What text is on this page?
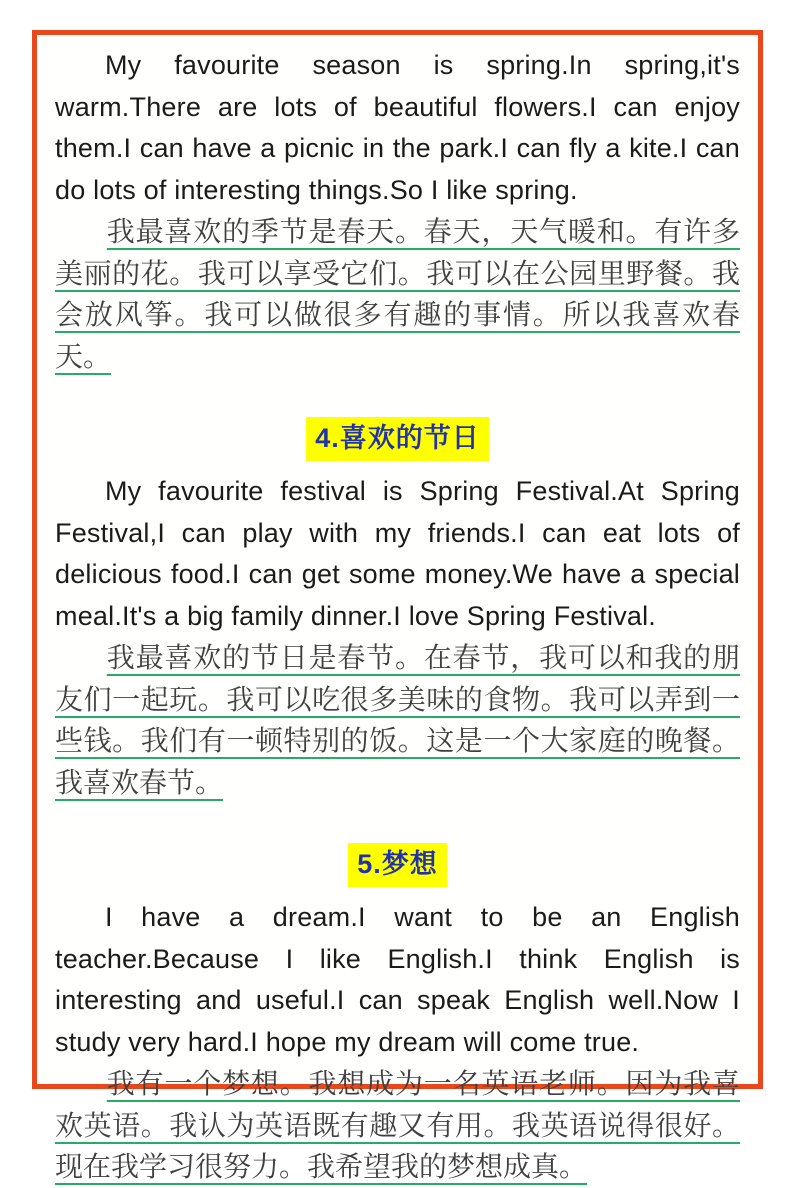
My favourite season is spring.In spring,it's warm.There are lots of beautiful flowers.I can enjoy them.I can have a picnic in the park.I can fly a kite.I can do lots of interesting things.So I like spring.

我最喜欢的季节是春天。春天，天气暖和。有许多美丽的花。我可以享受它们。我可以在公园里野餐。我会放风筝。我可以做很多有趣的事情。所以我喜欢春天。

4.喜欢的节日

My favourite festival is Spring Festival.At Spring Festival,I can play with my friends.I can eat lots of delicious food.I can get some money.We have a special meal.It's a big family dinner.I love Spring Festival.

我最喜欢的节日是春节。在春节，我可以和我的朋友们一起玩。我可以吃很多美味的食物。我可以弄到一些钱。我们有一顿特别的饭。这是一个大家庭的晚餐。我喜欢春节。

5.梦想

I have a dream.I want to be an English teacher.Because I like English.I think English is interesting and useful.I can speak English well.Now I study very hard.I hope my dream will come true.

我有一个梦想。我想成为一名英语老师。因为我喜欢英语。我认为英语既有趣又有用。我英语说得很好。现在我学习很努力。我希望我的梦想成真。
